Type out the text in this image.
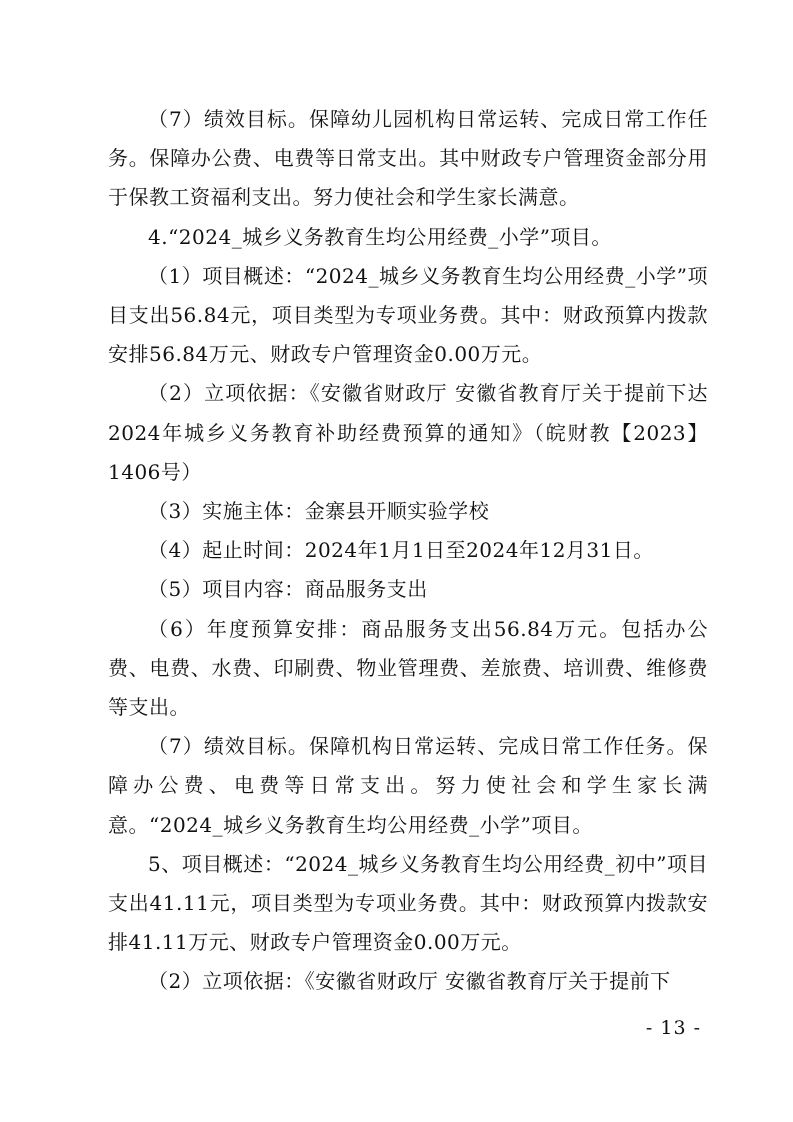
（7）绩效目标。保障幼儿园机构日常运转、完成日常工作任务。保障办公费、电费等日常支出。其中财政专户管理资金部分用于保教工资福利支出。努力使社会和学生家长满意。

4.“2024_城乡义务教育生均公用经费_小学”项目。

（1）项目概述：“2024_城乡义务教育生均公用经费_小学”项目支出56.84元，项目类型为专项业务费。其中：财政预算内拨款安排56.84万元、财政专户管理资金0.00万元。

（2）立项依据：《安徽省财政厅 安徽省教育厅关于提前下达2024年城乡义务教育补助经费预算的通知》（皖财教【2023】1406号）

（3）实施主体：金寨县开顺实验学校

（4）起止时间：2024年1月1日至2024年12月31日。

（5）项目内容：商品服务支出

（6）年度预算安排：商品服务支出56.84万元。包括办公费、电费、水费、印刷费、物业管理费、差旅费、培训费、维修费等支出。

（7）绩效目标。保障机构日常运转、完成日常工作任务。保障办公费、电费等日常支出。努力使社会和学生家长满意。“2024_城乡义务教育生均公用经费_小学”项目。

5、项目概述：“2024_城乡义务教育生均公用经费_初中”项目支出41.11元，项目类型为专项业务费。其中：财政预算内拨款安排41.11万元、财政专户管理资金0.00万元。

（2）立项依据：《安徽省财政厅 安徽省教育厅关于提前下

- 13 -
